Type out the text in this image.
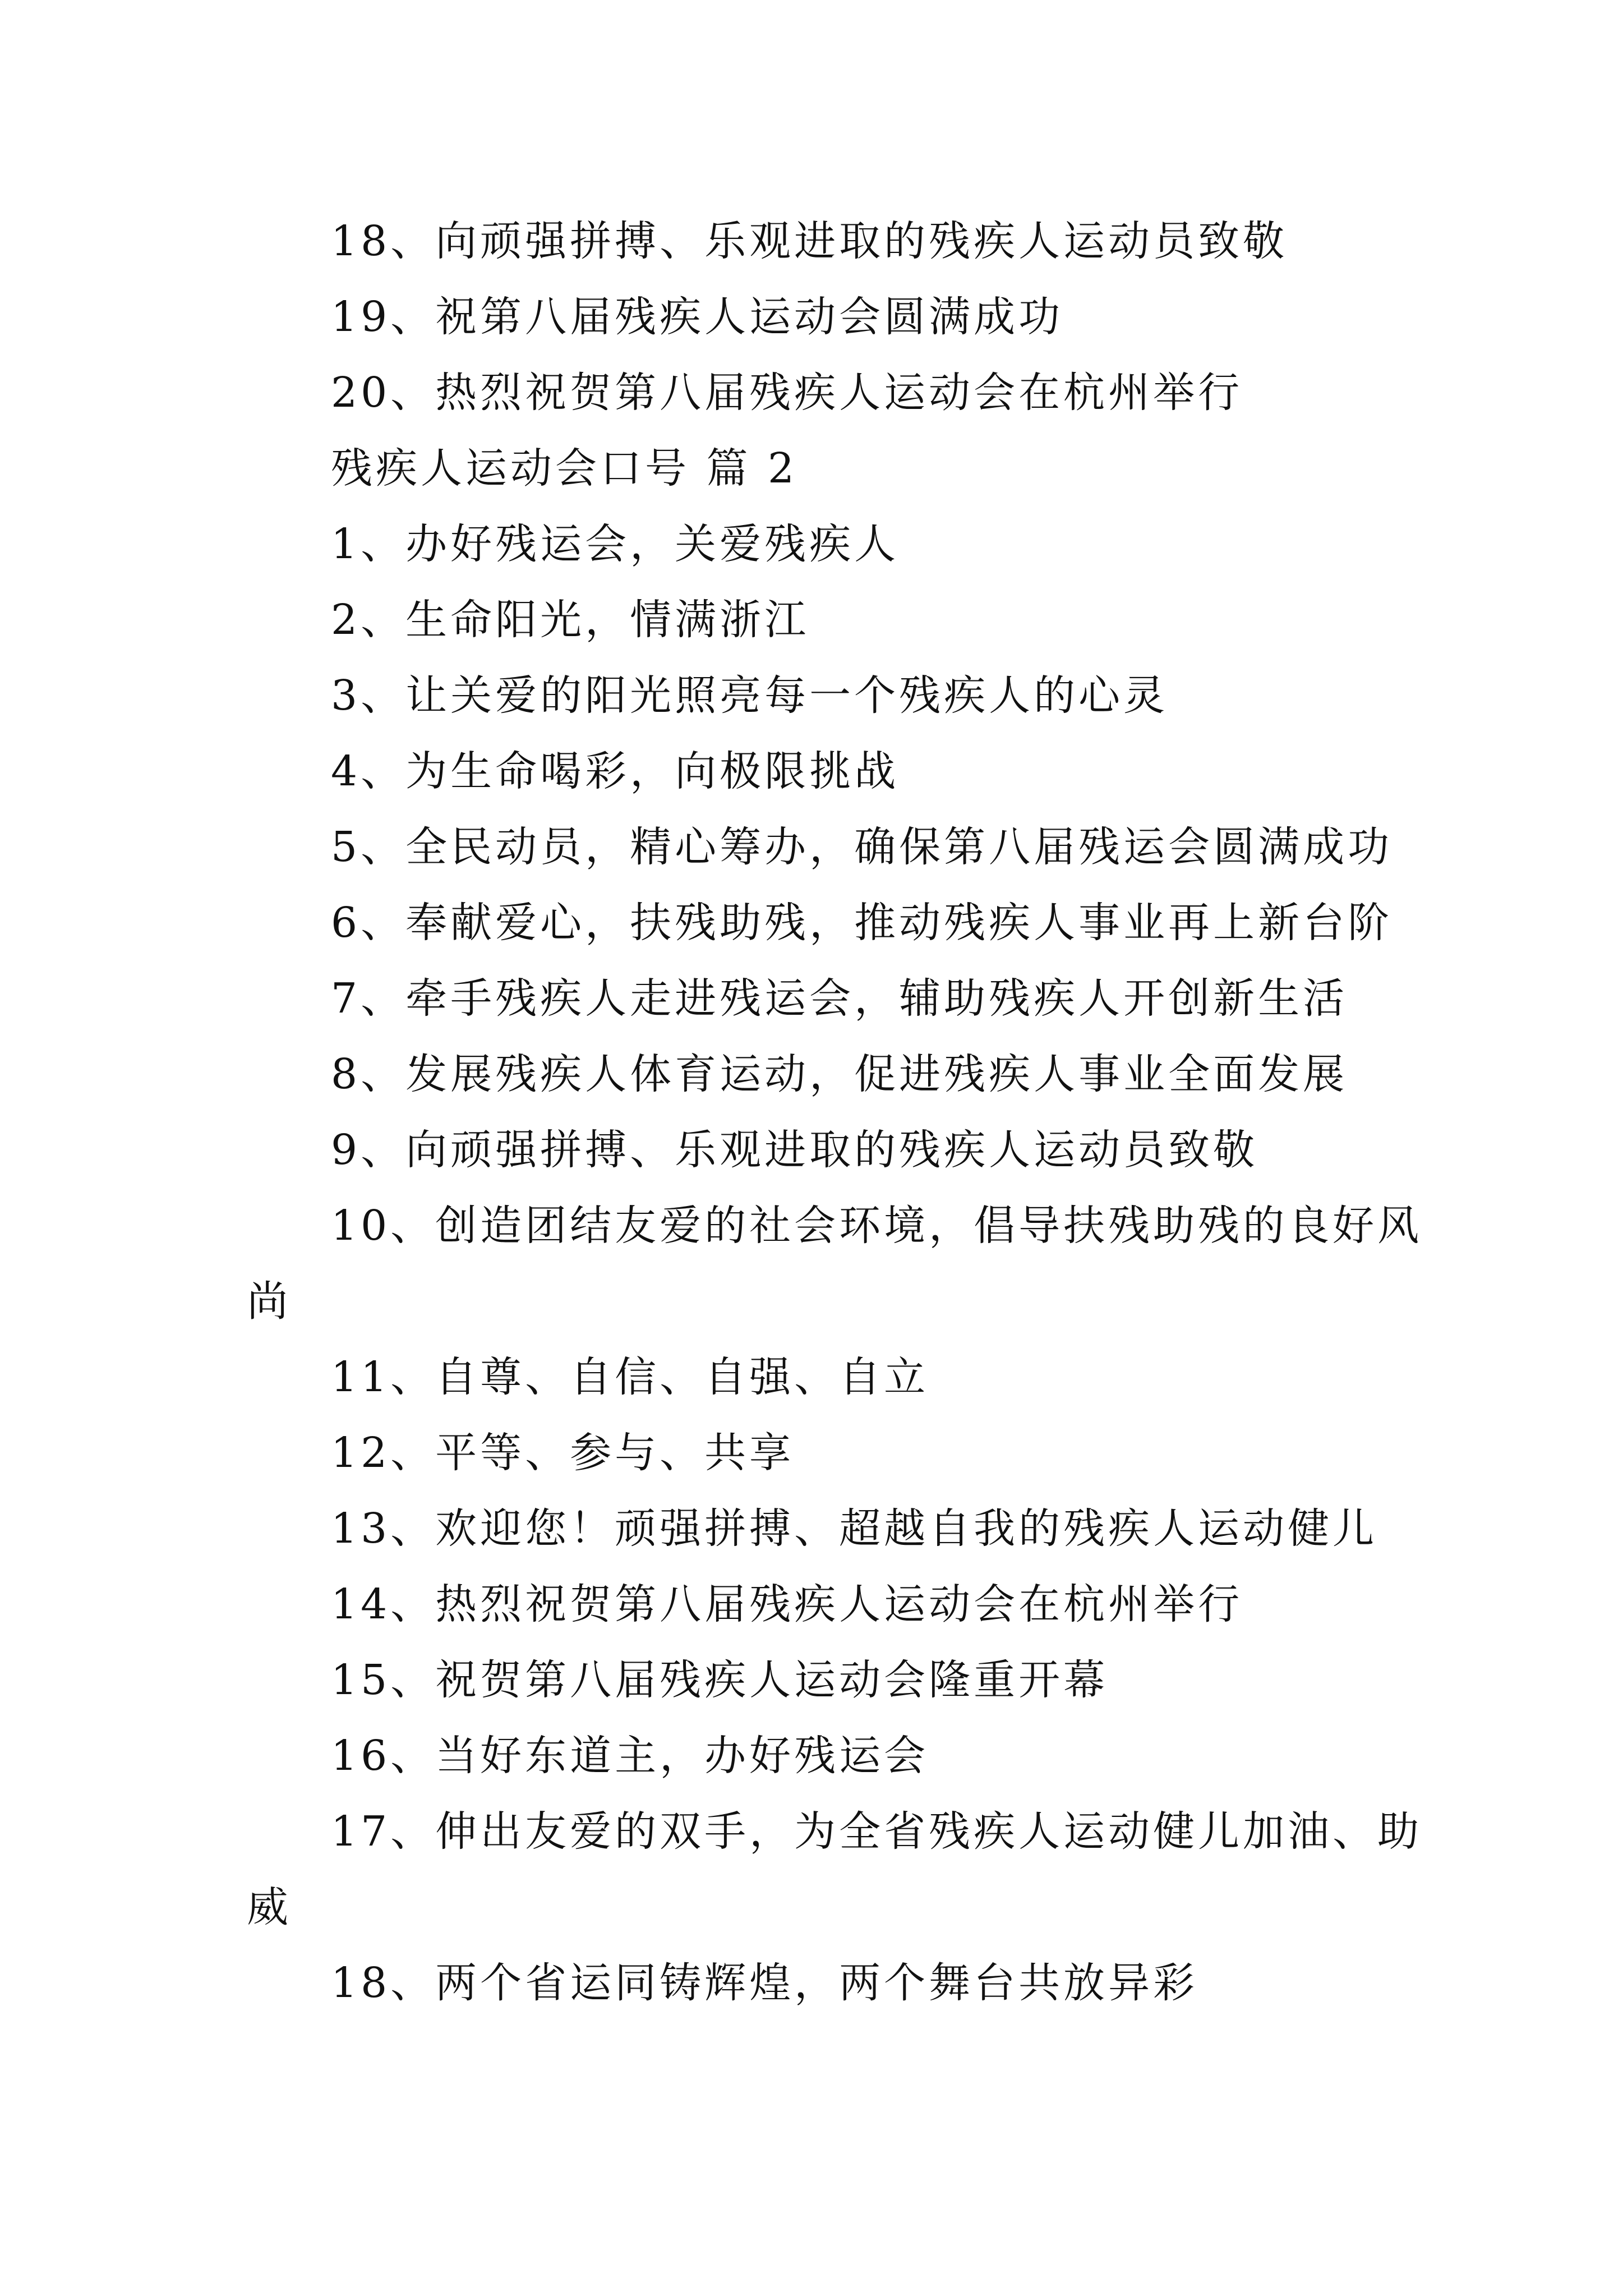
18、向顽强拼搏、乐观进取的残疾人运动员致敬
19、祝第八届残疾人运动会圆满成功
20、热烈祝贺第八届残疾人运动会在杭州举行
残疾人运动会口号 篇 2
1、办好残运会，关爱残疾人
2、生命阳光，情满浙江
3、让关爱的阳光照亮每一个残疾人的心灵
4、为生命喝彩，向极限挑战
5、全民动员，精心筹办，确保第八届残运会圆满成功
6、奉献爱心，扶残助残，推动残疾人事业再上新台阶
7、牵手残疾人走进残运会，辅助残疾人开创新生活
8、发展残疾人体育运动，促进残疾人事业全面发展
9、向顽强拼搏、乐观进取的残疾人运动员致敬
10、创造团结友爱的社会环境，倡导扶残助残的良好风
尚
11、自尊、自信、自强、自立
12、平等、参与、共享
13、欢迎您！顽强拼搏、超越自我的残疾人运动健儿
14、热烈祝贺第八届残疾人运动会在杭州举行
15、祝贺第八届残疾人运动会隆重开幕
16、当好东道主，办好残运会
17、伸出友爱的双手，为全省残疾人运动健儿加油、助
威
18、两个省运同铸辉煌，两个舞台共放异彩
